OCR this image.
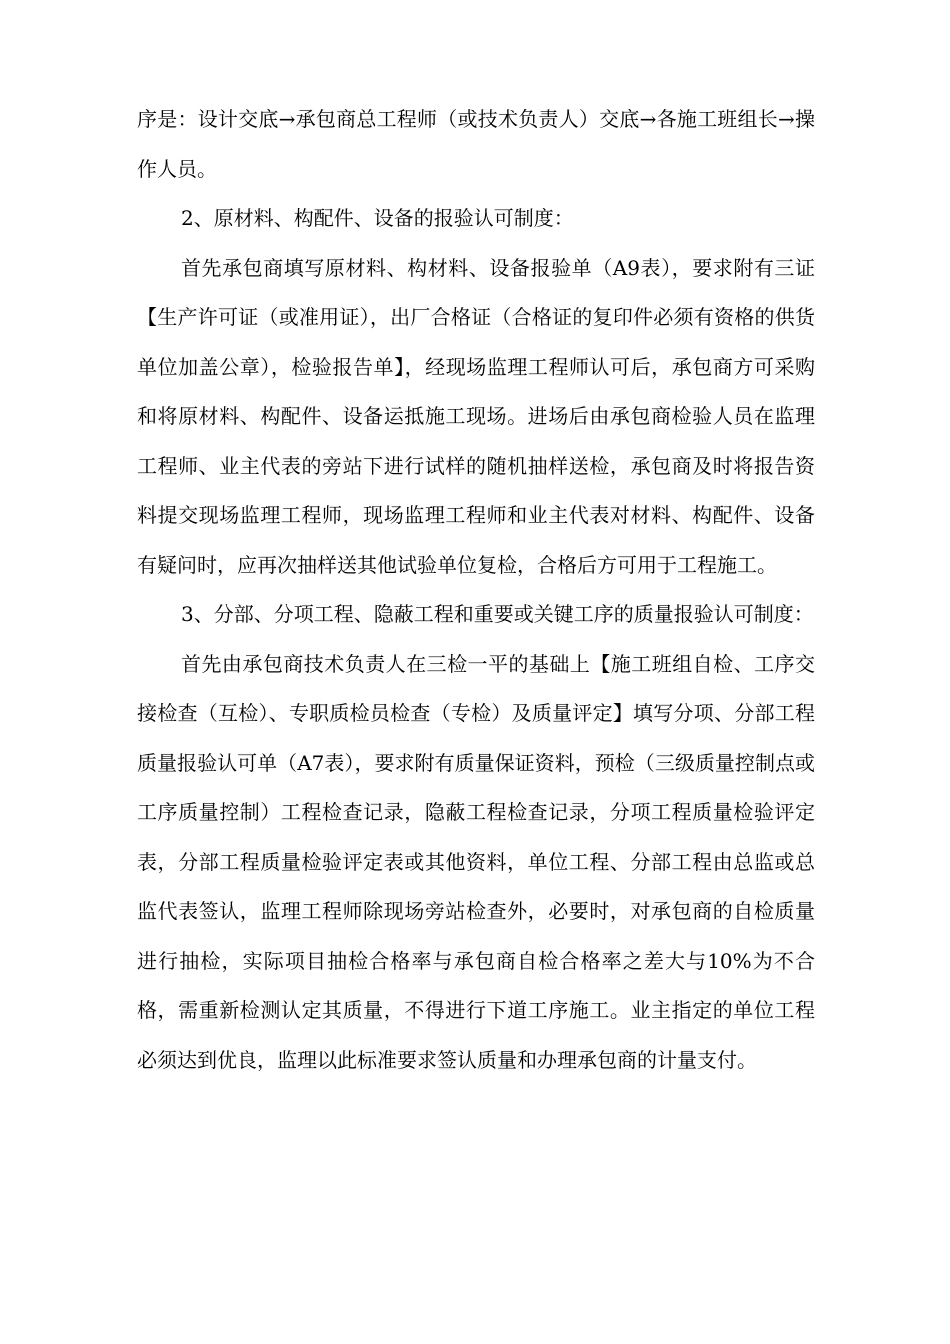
序是：设计交底→承包商总工程师（或技术负责人）交底→各施工班组长→操作人员。

2、原材料、构配件、设备的报验认可制度：

首先承包商填写原材料、构材料、设备报验单（A9表），要求附有三证【生产许可证（或准用证），出厂合格证（合格证的复印件必须有资格的供货单位加盖公章），检验报告单】，经现场监理工程师认可后，承包商方可采购和将原材料、构配件、设备运抵施工现场。进场后由承包商检验人员在监理工程师、业主代表的旁站下进行试样的随机抽样送检，承包商及时将报告资料提交现场监理工程师，现场监理工程师和业主代表对材料、构配件、设备有疑问时，应再次抽样送其他试验单位复检，合格后方可用于工程施工。

3、分部、分项工程、隐蔽工程和重要或关键工序的质量报验认可制度：

首先由承包商技术负责人在三检一平的基础上【施工班组自检、工序交接检查（互检）、专职质检员检查（专检）及质量评定】填写分项、分部工程质量报验认可单（A7表），要求附有质量保证资料，预检（三级质量控制点或工序质量控制）工程检查记录，隐蔽工程检查记录，分项工程质量检验评定表，分部工程质量检验评定表或其他资料，单位工程、分部工程由总监或总监代表签认，监理工程师除现场旁站检查外，必要时，对承包商的自检质量进行抽检，实际项目抽检合格率与承包商自检合格率之差大与10%为不合格，需重新检测认定其质量，不得进行下道工序施工。业主指定的单位工程必须达到优良，监理以此标准要求签认质量和办理承包商的计量支付。
